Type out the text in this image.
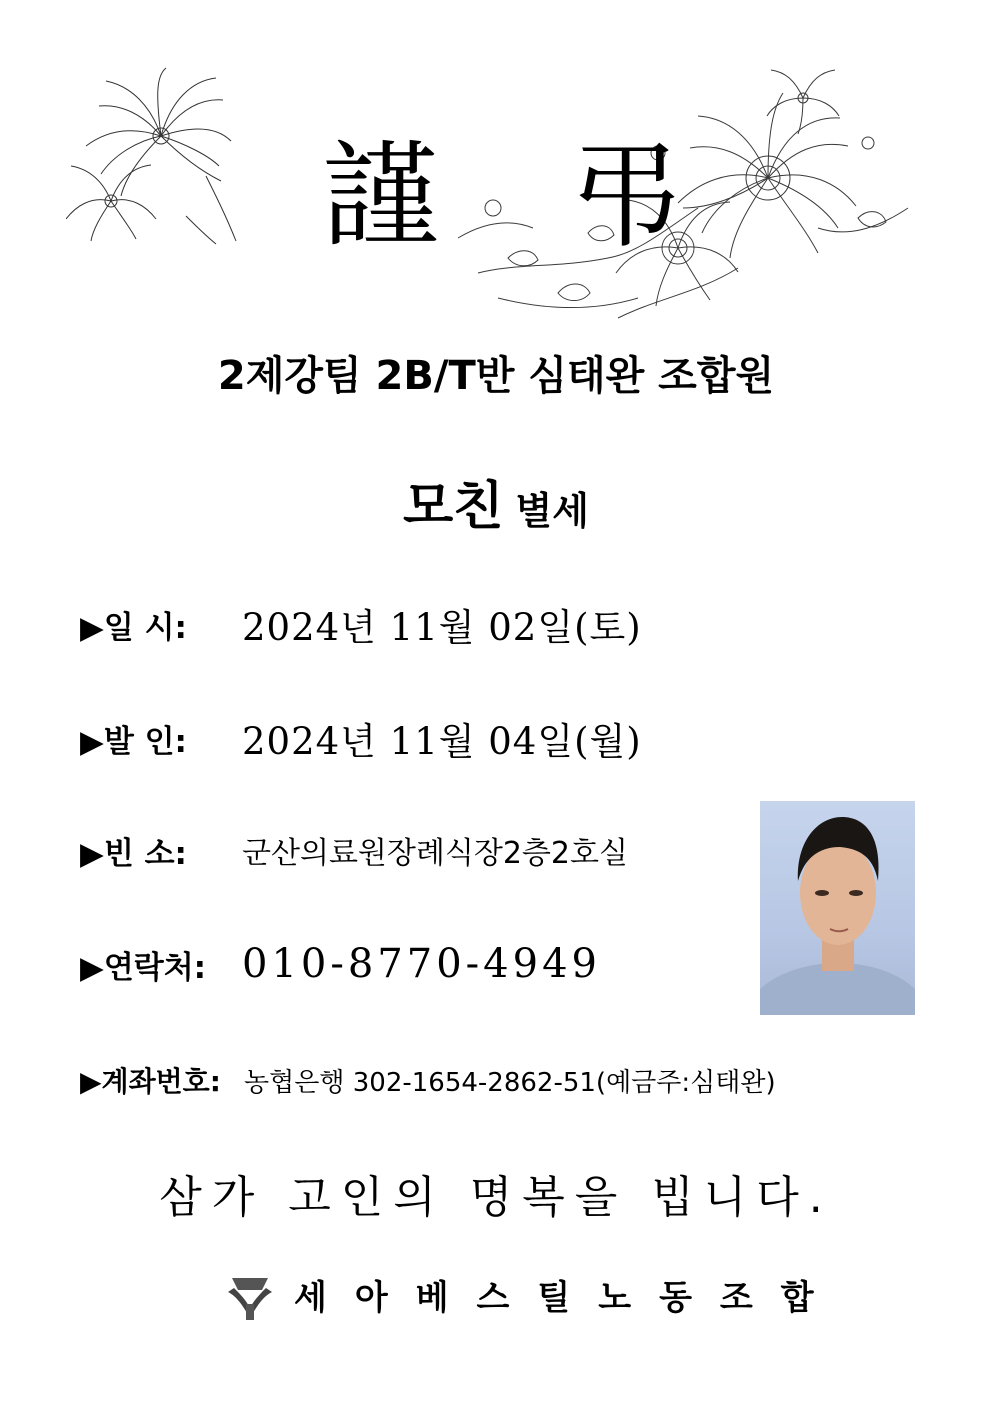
謹 弔
2제강팀 2B/T반 심태완 조합원
모친 별세
▶일 시:	2024년 11월 02일(토)
▶발 인:	2024년 11월 04일(월)
▶빈 소:	군산의료원장례식장2층2호실
▶연락처: 010-8770-4949
▶계좌번호: 농협은행 302-1654-2862-51(예금주:심태완)
삼가 고인의 명복을 빕니다.
세아베스틸노동조합
